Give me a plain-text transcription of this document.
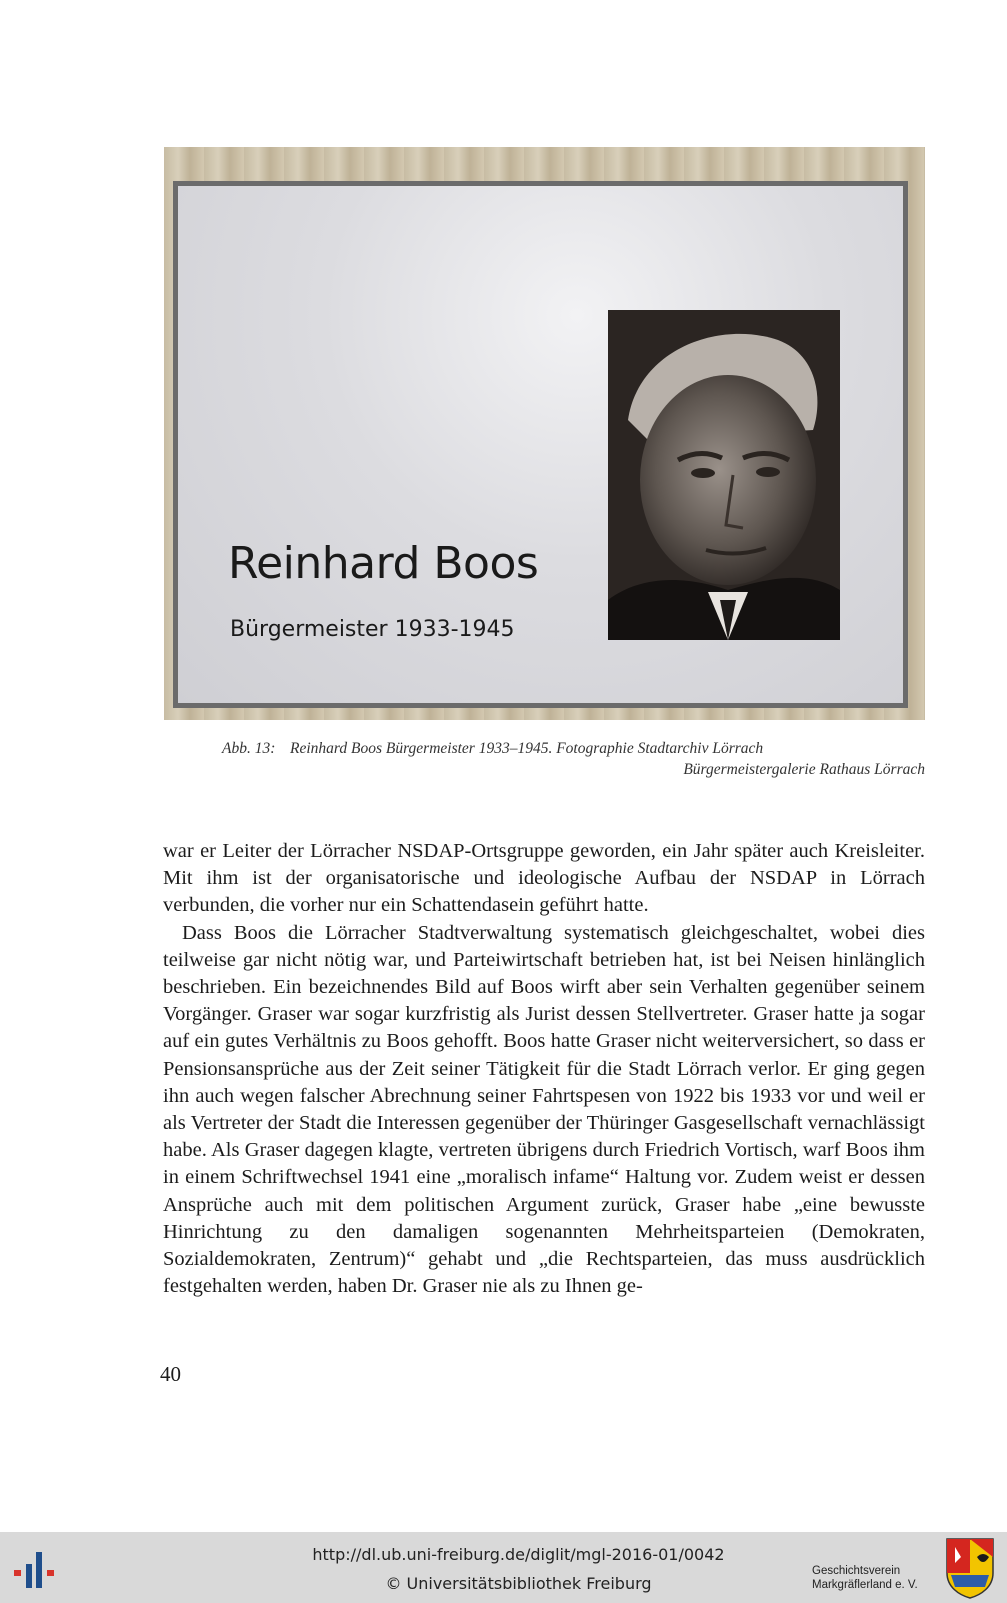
Reinhard Boos
Bürgermeister 1933-1945
Abb. 13: Reinhard Boos Bürgermeister 1933–1945. Fotographie Stadtarchiv Lörrach
Bürgermeistergalerie Rathaus Lörrach

war er Leiter der Lörracher NSDAP-Ortsgruppe geworden, ein Jahr später auch Kreisleiter. Mit ihm ist der organisatorische und ideologische Aufbau der NSDAP in Lörrach verbunden, die vorher nur ein Schattendasein geführt hatte.

Dass Boos die Lörracher Stadtverwaltung systematisch gleichgeschaltet, wobei dies teilweise gar nicht nötig war, und Parteiwirtschaft betrieben hat, ist bei Neisen hinlänglich beschrieben. Ein bezeichnendes Bild auf Boos wirft aber sein Verhalten gegenüber seinem Vorgänger. Graser war sogar kurzfristig als Jurist dessen Stellvertreter. Graser hatte ja sogar auf ein gutes Verhältnis zu Boos gehofft. Boos hatte Graser nicht weiterversichert, so dass er Pensionsansprüche aus der Zeit seiner Tätigkeit für die Stadt Lörrach verlor. Er ging gegen ihn auch wegen falscher Abrechnung seiner Fahrtspesen von 1922 bis 1933 vor und weil er als Vertreter der Stadt die Interessen gegenüber der Thüringer Gasgesellschaft vernachlässigt habe. Als Graser dagegen klagte, vertreten übrigens durch Friedrich Vortisch, warf Boos ihm in einem Schriftwechsel 1941 eine „moralisch infame“ Haltung vor. Zudem weist er dessen Ansprüche auch mit dem politischen Argument zurück, Graser habe „eine bewusste Hinrichtung zu den damaligen sogenannten Mehrheitsparteien (Demokraten, Sozialdemokraten, Zentrum)“ gehabt und „die Rechtsparteien, das muss ausdrücklich festgehalten werden, haben Dr. Graser nie als zu Ihnen ge-

40
http://dl.ub.uni-freiburg.de/diglit/mgl-2016-01/0042
© Universitätsbibliothek Freiburg
Geschichtsverein
Markgräflerland e. V.
